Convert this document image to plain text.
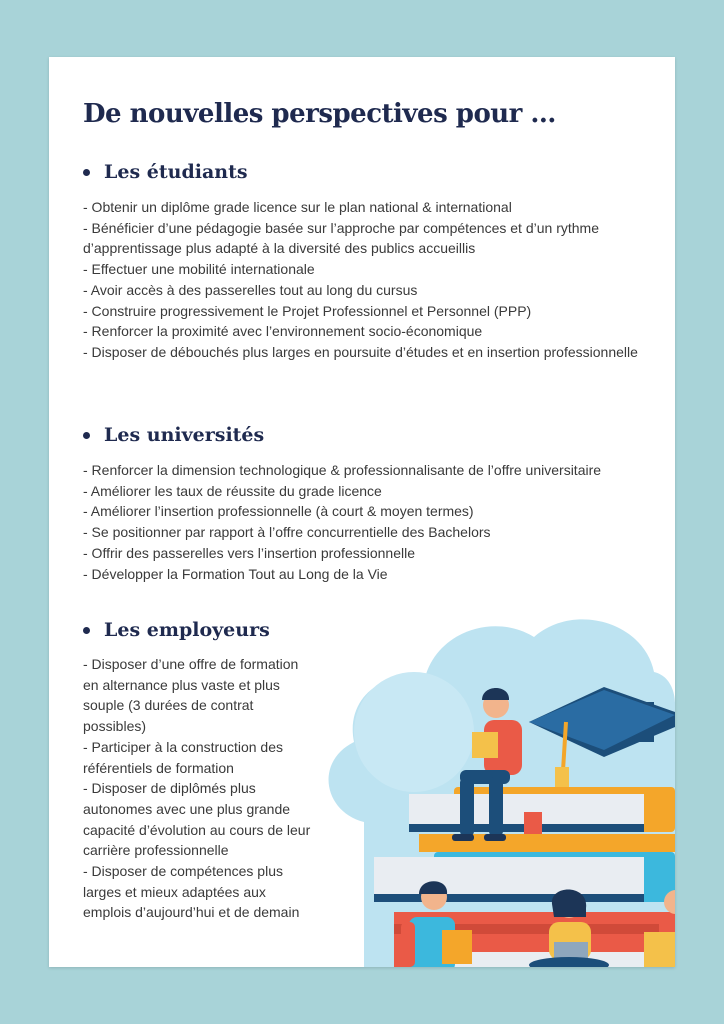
De nouvelles perspectives pour …
Les étudiants
- Obtenir un diplôme grade licence sur le plan national & international
- Bénéficier d’une pédagogie basée sur l’approche par compétences et d’un rythme d’apprentissage plus adapté à la diversité des publics accueillis
- Effectuer une mobilité internationale
- Avoir accès à des passerelles tout au long du cursus
- Construire progressivement le Projet Professionnel et Personnel (PPP)
- Renforcer la proximité avec l’environnement socio-économique
- Disposer de débouchés plus larges en poursuite d’études et en insertion professionnelle
Les universités
- Renforcer la dimension technologique & professionnalisante de l’offre universitaire
- Améliorer les taux de réussite du grade licence
- Améliorer l’insertion professionnelle (à court & moyen termes)
- Se positionner par rapport à l’offre concurrentielle des Bachelors
- Offrir des passerelles vers l’insertion professionnelle
- Développer la Formation Tout au Long de la Vie
Les employeurs
- Disposer d’une offre de formation en alternance plus vaste et plus souple (3 durées de contrat possibles)
- Participer à la construction des référentiels de formation
- Disposer de diplômés plus autonomes avec une plus grande capacité d’évolution au cours de leur carrière professionnelle
- Disposer de compétences plus larges et mieux adaptées aux emplois d’aujourd’hui et de demain
